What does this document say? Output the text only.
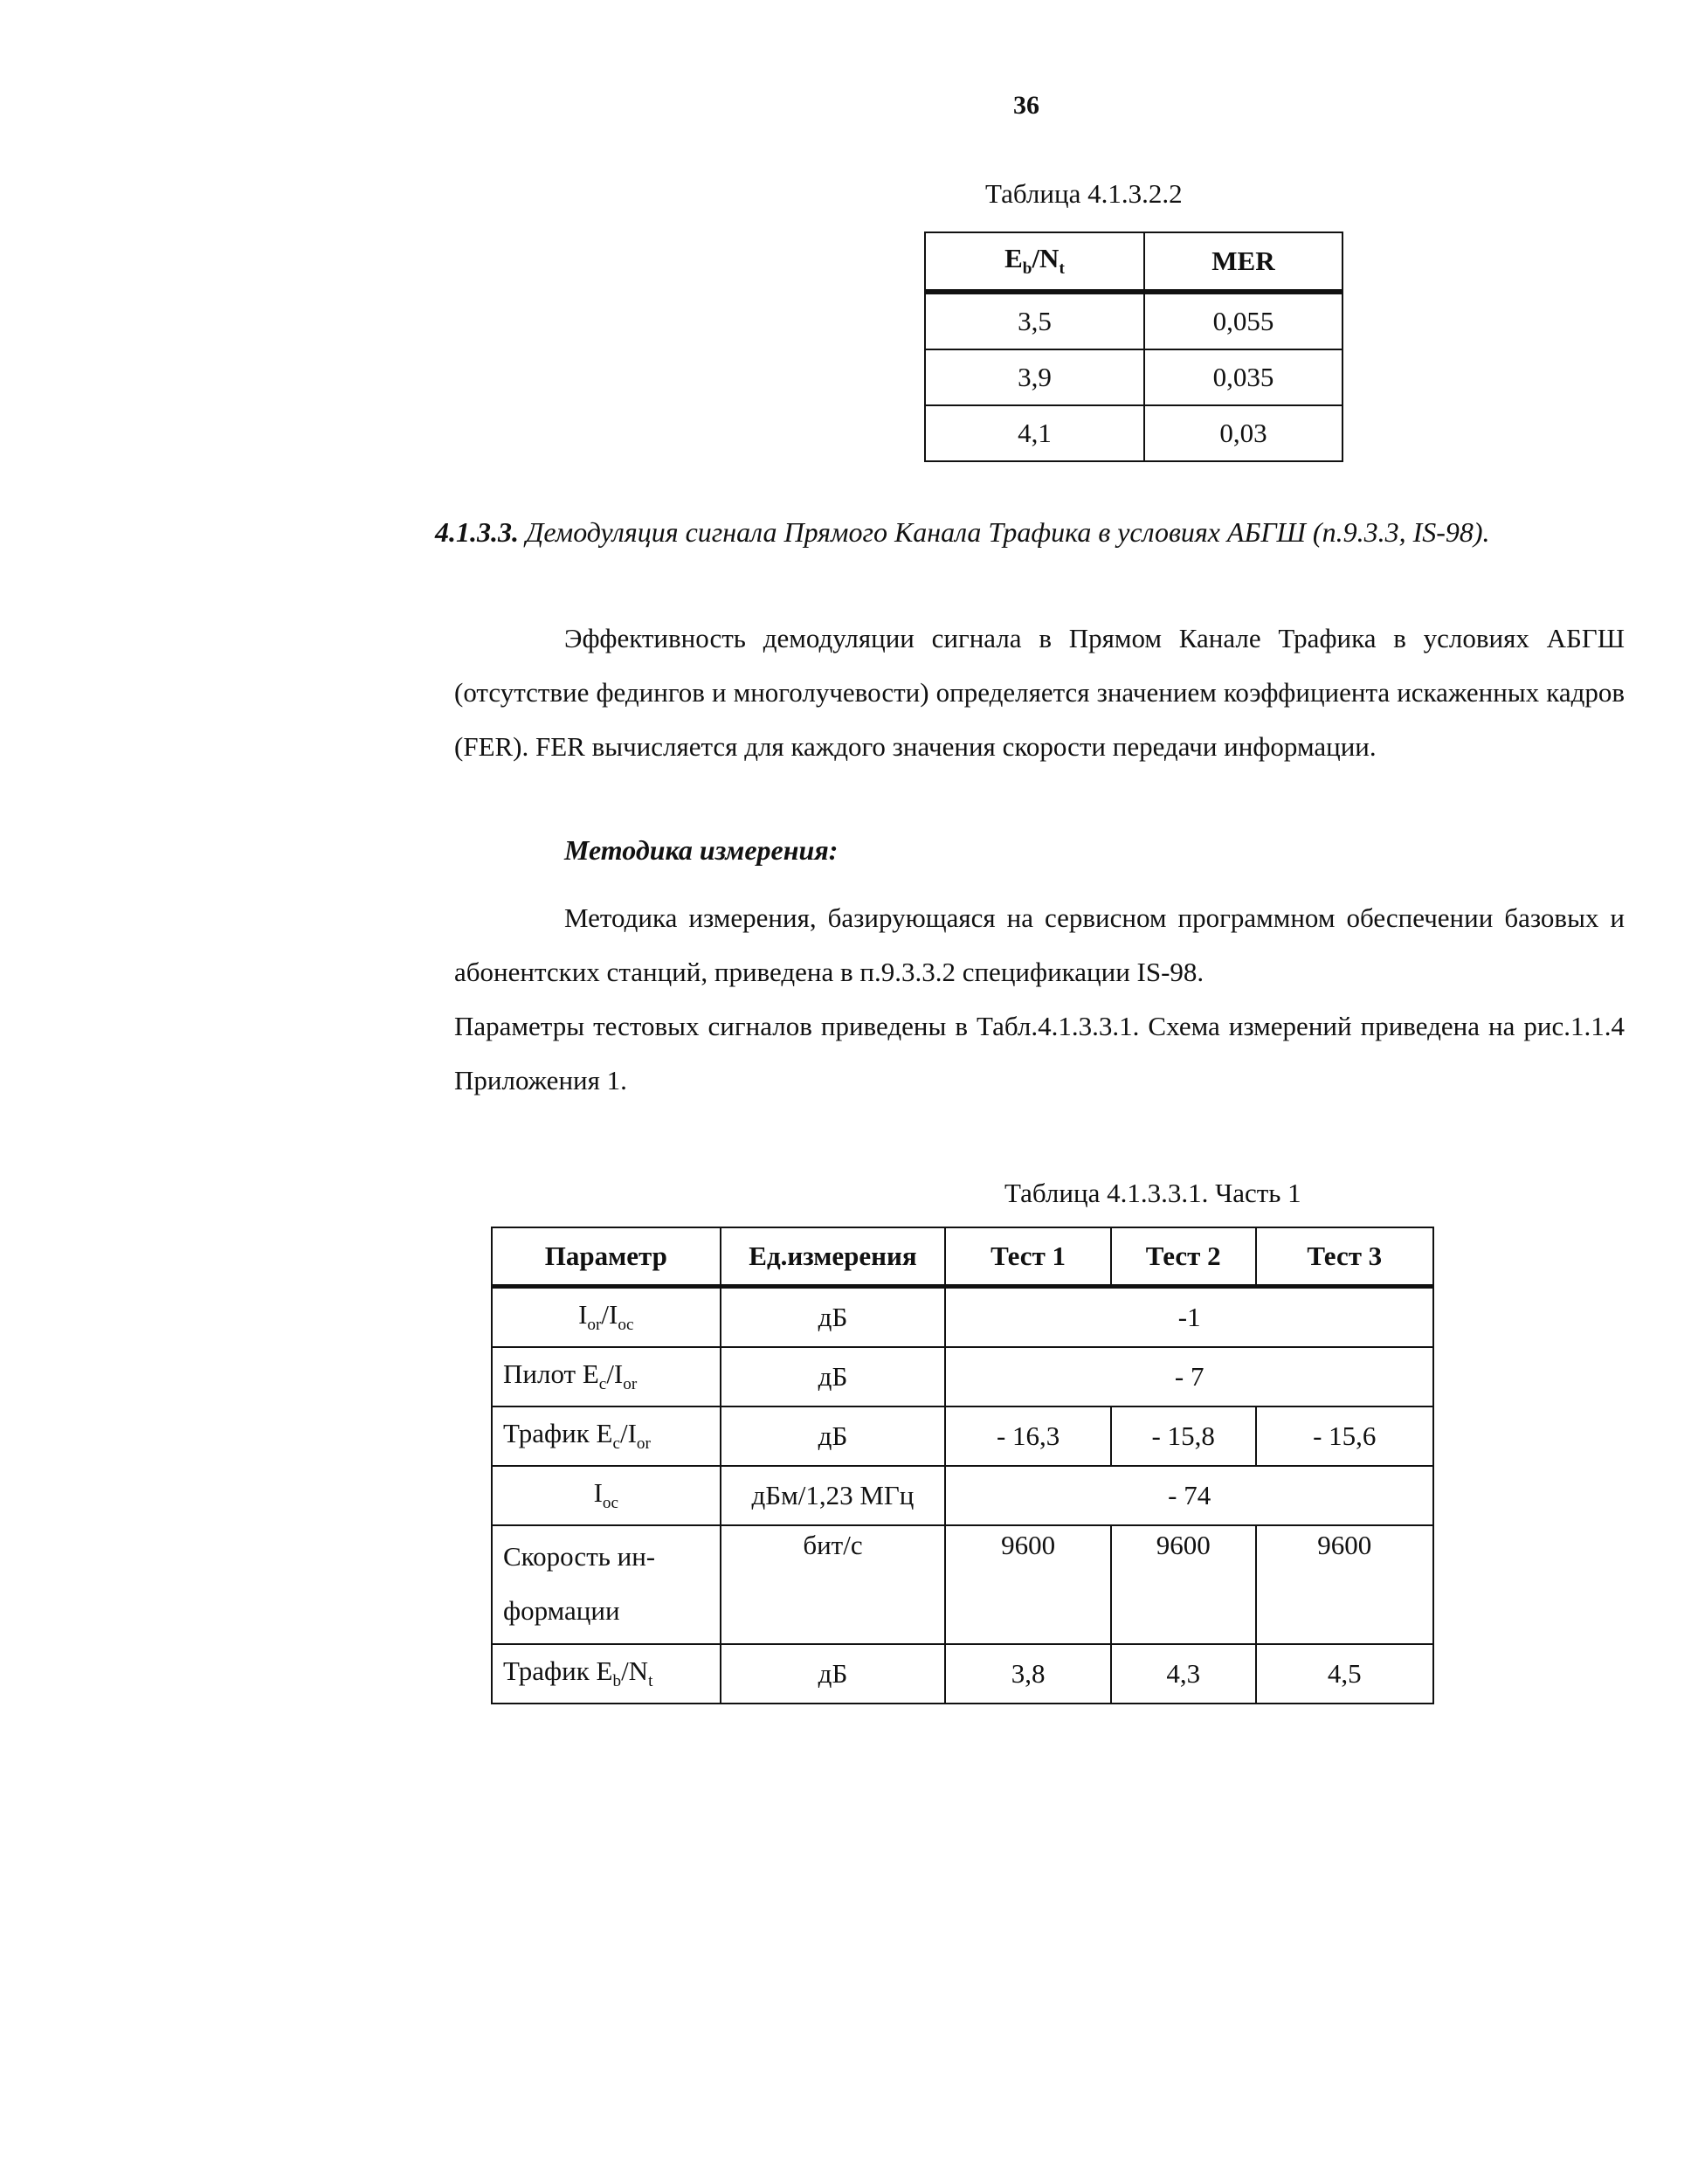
36
Таблица 4.1.3.2.2
$E_b/N_t$	MER
3,5	0,055
3,9	0,035
4,1	0,03

4.1.3.3. Демодуляция сигнала Прямого Канала Трафика в условиях АБГШ (п.9.3.3, IS-98).

Эффективность демодуляции сигнала в Прямом Канале Трафика в условиях АБГШ (отсутствие федингов и многолучевости) определяется значением коэффициента искаженных кадров (FER). FER вычисляется для каждого значения скорости передачи информации.

Методика измерения:

Методика измерения, базирующаяся на сервисном программном обеспечении базовых и абонентских станций, приведена в п.9.3.3.2 спецификации IS-98.

Параметры тестовых сигналов приведены в Табл.4.1.3.3.1. Схема измерений приведена на рис.1.1.4 Приложения 1.

Таблица 4.1.3.3.1. Часть 1
Параметр	Ед.измерения	Тест 1	Тест 2	Тест 3
$I_{or}/I_{oc}$	дБ	-1		
Пилот $E_c/I_{or}$	дБ	- 7		
Трафик $E_c/I_{or}$	дБ	- 16,3	- 15,8	- 15,6
$I_{oc}$	дБм/1,23 МГц	- 74		
Скорость ин-
формации	бит/с	9600	9600	9600
Трафик $E_b/N_t$	дБ	3,8	4,3	4,5
